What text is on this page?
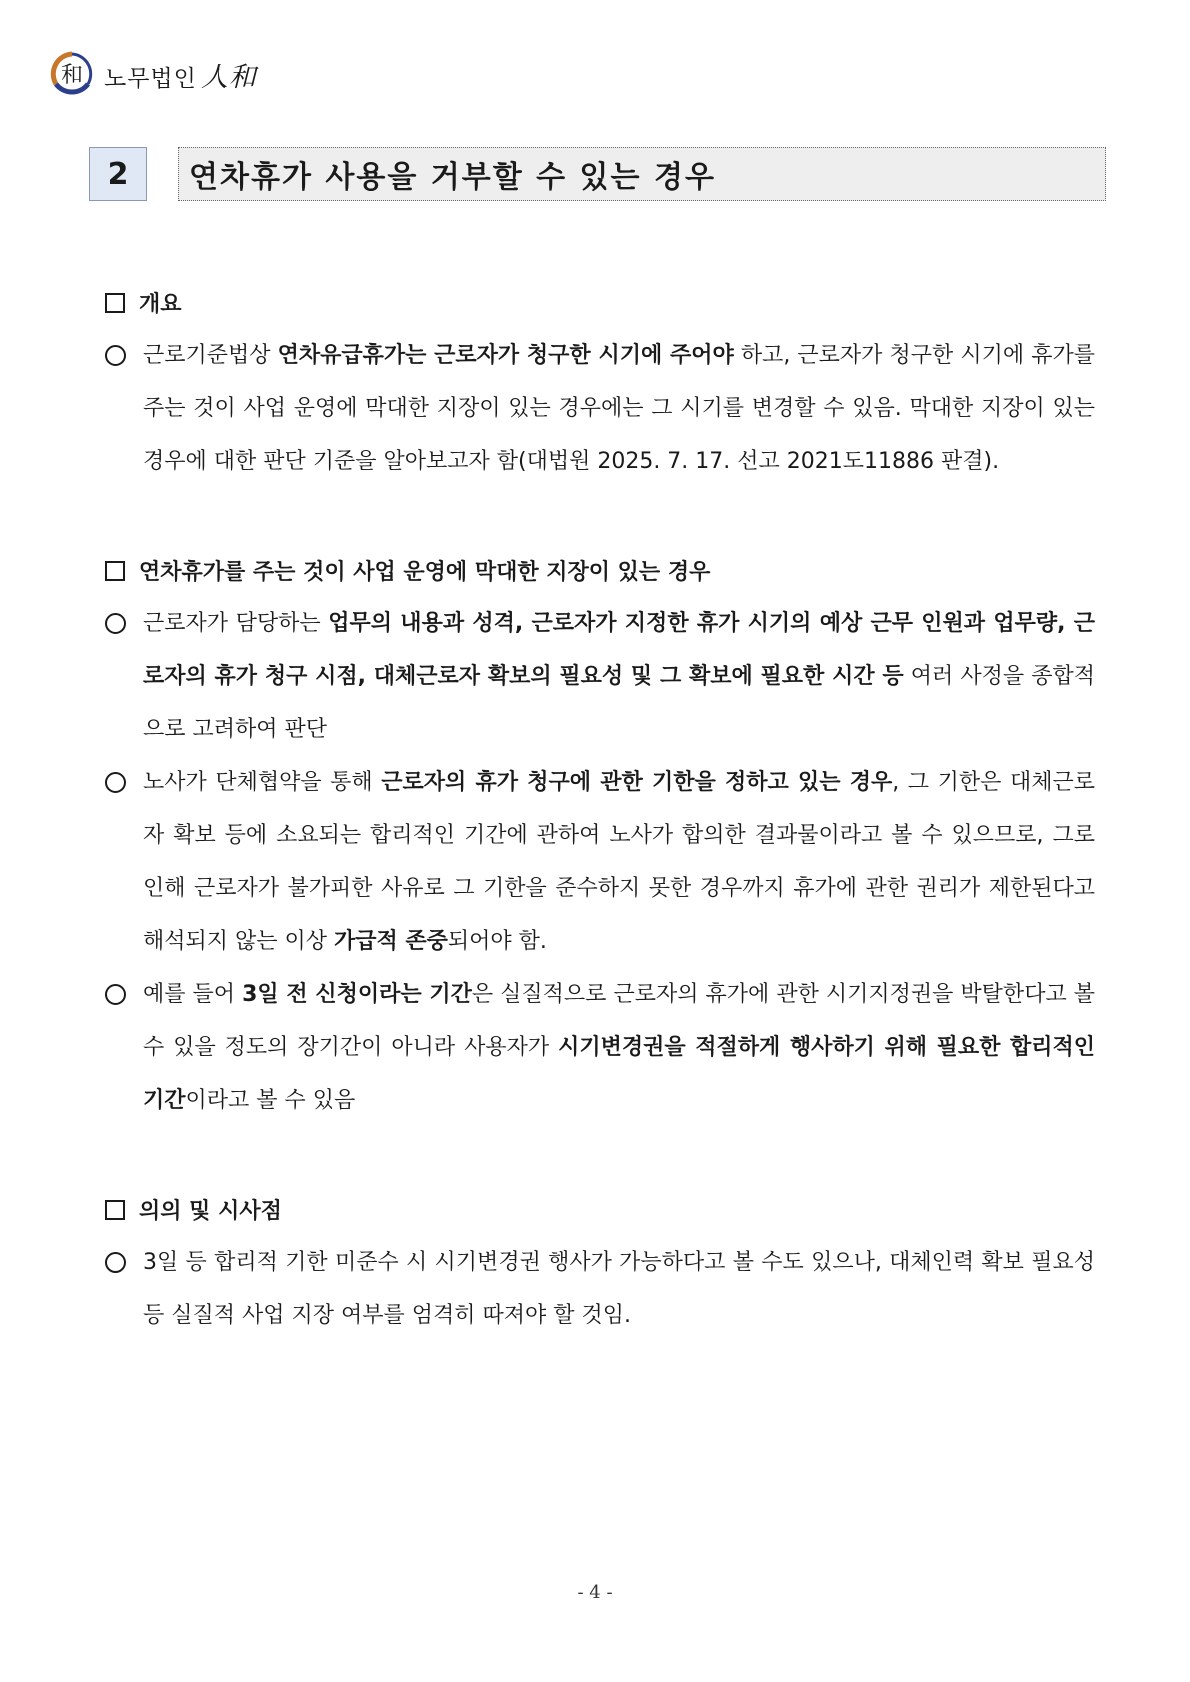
和 노무법인 人和
2	연차휴가 사용을 거부할 수 있는 경우
개요
근로기준법상 연차유급휴가는 근로자가 청구한 시기에 주어야 하고, 근로자가 청구한 시기에 휴가를 주는 것이 사업 운영에 막대한 지장이 있는 경우에는 그 시기를 변경할 수 있음. 막대한 지장이 있는 경우에 대한 판단 기준을 알아보고자 함(대법원 2025. 7. 17. 선고 2021도11886 판결).
연차휴가를 주는 것이 사업 운영에 막대한 지장이 있는 경우
근로자가 담당하는 업무의 내용과 성격, 근로자가 지정한 휴가 시기의 예상 근무 인원과 업무량, 근로자의 휴가 청구 시점, 대체근로자 확보의 필요성 및 그 확보에 필요한 시간 등 여러 사정을 종합적으로 고려하여 판단
노사가 단체협약을 통해 근로자의 휴가 청구에 관한 기한을 정하고 있는 경우, 그 기한은 대체근로자 확보 등에 소요되는 합리적인 기간에 관하여 노사가 합의한 결과물이라고 볼 수 있으므로, 그로 인해 근로자가 불가피한 사유로 그 기한을 준수하지 못한 경우까지 휴가에 관한 권리가 제한된다고 해석되지 않는 이상 가급적 존중되어야 함.
예를 들어 3일 전 신청이라는 기간은 실질적으로 근로자의 휴가에 관한 시기지정권을 박탈한다고 볼 수 있을 정도의 장기간이 아니라 사용자가 시기변경권을 적절하게 행사하기 위해 필요한 합리적인 기간이라고 볼 수 있음
의의 및 시사점
3일 등 합리적 기한 미준수 시 시기변경권 행사가 가능하다고 볼 수도 있으나, 대체인력 확보 필요성 등 실질적 사업 지장 여부를 엄격히 따져야 할 것임.
- 4 -
